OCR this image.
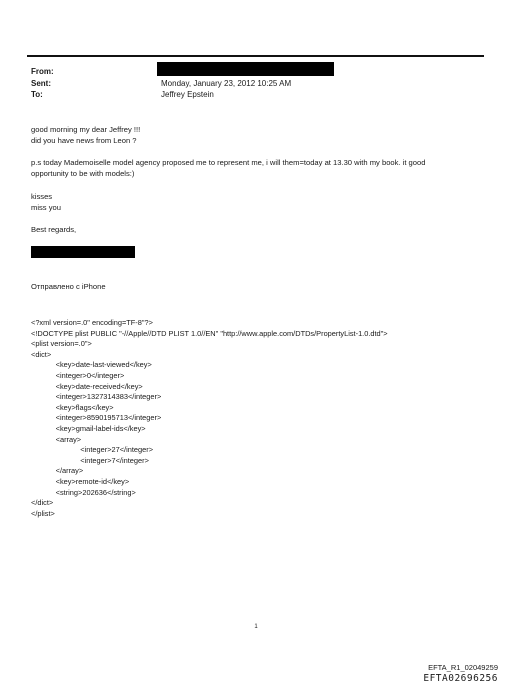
From:
Sent:	Monday, January 23, 2012 10:25 AM
To:	Jeffrey Epstein
good morning my dear Jeffrey !!!
did you have news from Leon ?
p.s today Mademoiselle model agency proposed me to represent me, i will them=today at 13.30 with my book. it good
opportunity to be with models:)
kisses
miss you
Best regards,
Отправлено с iPhone
<?xml version=.0" encoding=TF-8"?>
<!DOCTYPE plist PUBLIC "-//Apple//DTD PLIST 1.0//EN" "http://www.apple.com/DTDs/PropertyList-1.0.dtd">
<plist version=.0">
<dict>
<key>date-last-viewed</key>
<integer>0</integer>
<key>date-received</key>
<integer>1327314383</integer>
<key>flags</key>
<integer>8590195713</integer>
<key>gmail-label-ids</key>
<array>
<integer>27</integer>
<integer>7</integer>
</array>
<key>remote-id</key>
<string>202636</string>
</dict>
</plist>
1
EFTA_R1_02049259
EFTA02696256
